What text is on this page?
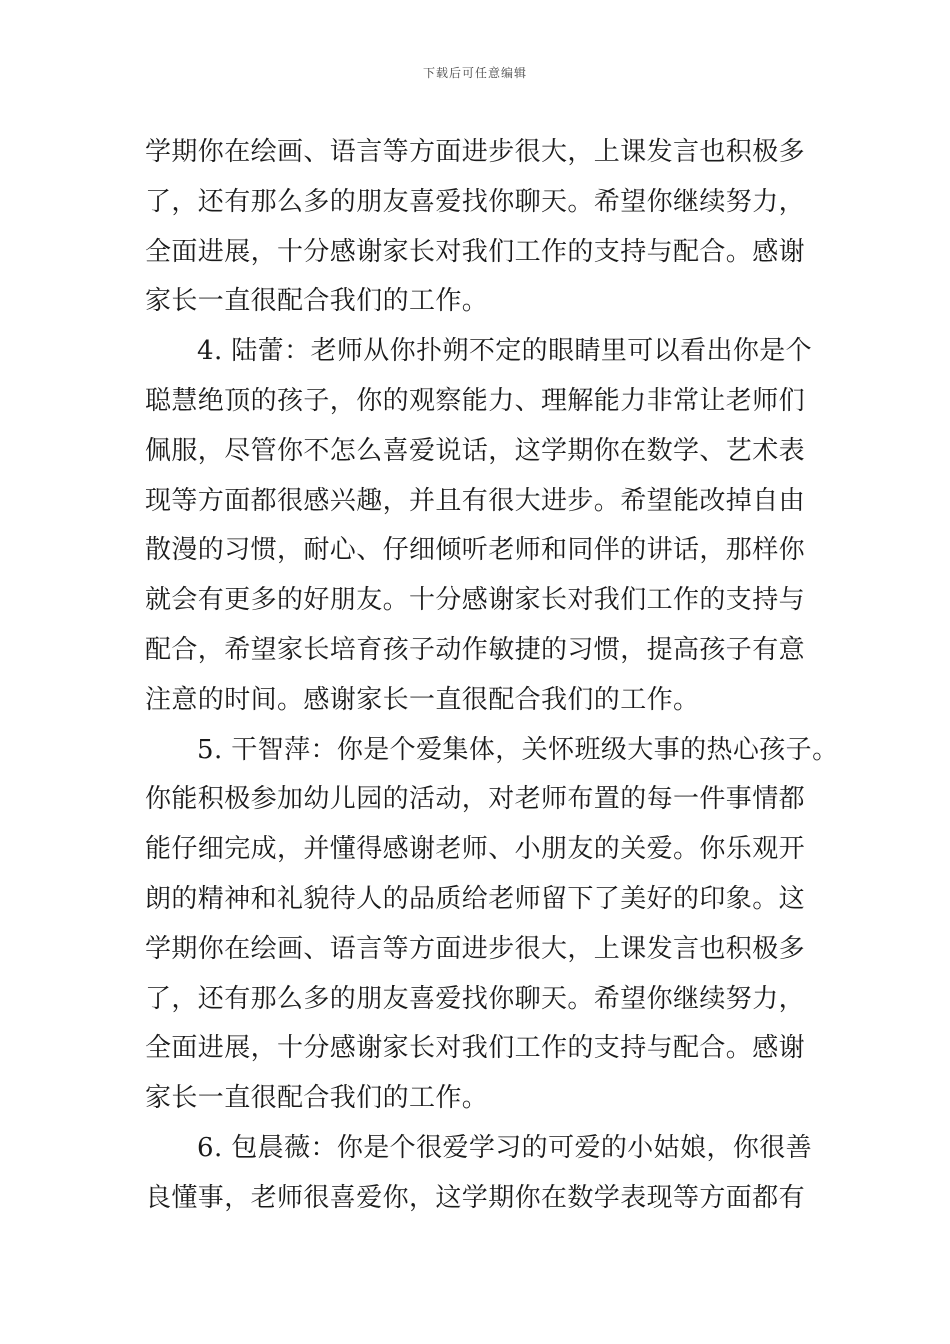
下载后可任意编辑
学期你在绘画、语言等方面进步很大，上课发言也积极多
了，还有那么多的朋友喜爱找你聊天。希望你继续努力，
全面进展，十分感谢家长对我们工作的支持与配合。感谢
家长一直很配合我们的工作。
4. 陆蕾：老师从你扑朔不定的眼睛里可以看出你是个
聪慧绝顶的孩子，你的观察能力、理解能力非常让老师们
佩服，尽管你不怎么喜爱说话，这学期你在数学、艺术表
现等方面都很感兴趣，并且有很大进步。希望能改掉自由
散漫的习惯，耐心、仔细倾听老师和同伴的讲话，那样你
就会有更多的好朋友。十分感谢家长对我们工作的支持与
配合，希望家长培育孩子动作敏捷的习惯，提高孩子有意
注意的时间。感谢家长一直很配合我们的工作。
5. 干智萍：你是个爱集体，关怀班级大事的热心孩子。
你能积极参加幼儿园的活动，对老师布置的每一件事情都
能仔细完成，并懂得感谢老师、小朋友的关爱。你乐观开
朗的精神和礼貌待人的品质给老师留下了美好的印象。这
学期你在绘画、语言等方面进步很大，上课发言也积极多
了，还有那么多的朋友喜爱找你聊天。希望你继续努力，
全面进展，十分感谢家长对我们工作的支持与配合。感谢
家长一直很配合我们的工作。
6. 包晨薇：你是个很爱学习的可爱的小姑娘，你很善
良懂事，老师很喜爱你，这学期你在数学表现等方面都有
